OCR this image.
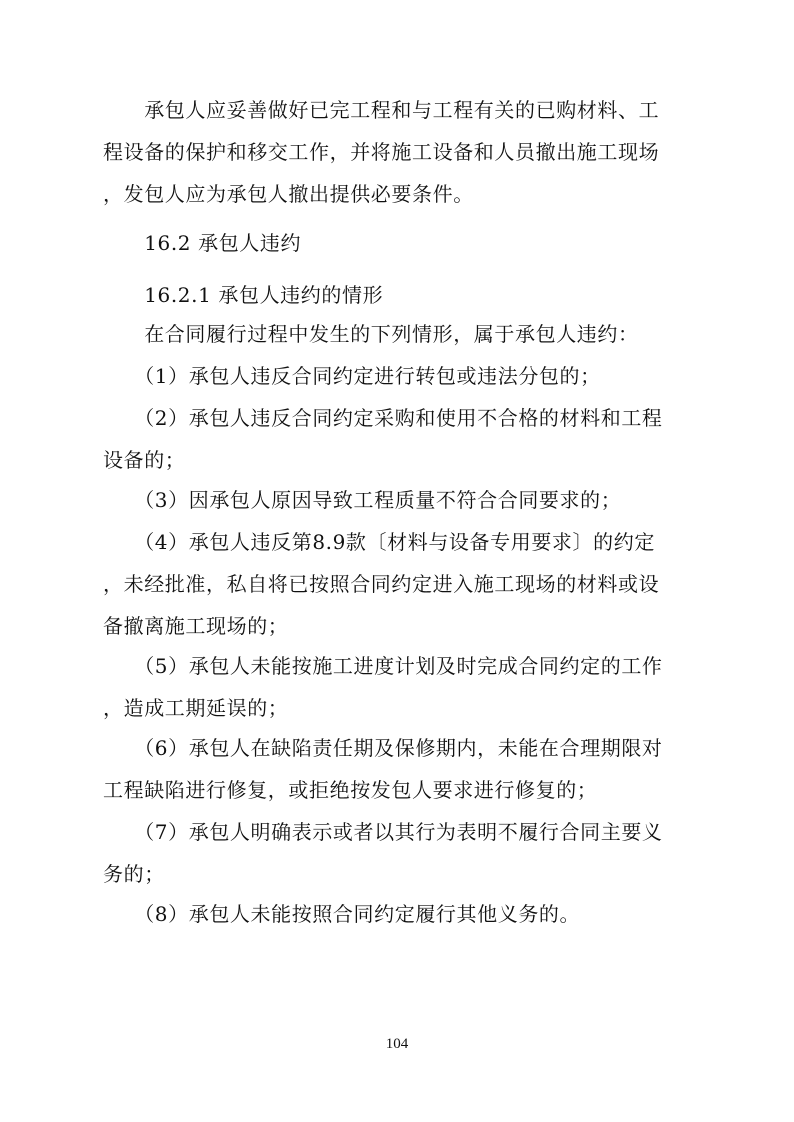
　　承包人应妥善做好已完工程和与工程有关的已购材料、工
程设备的保护和移交工作，并将施工设备和人员撤出施工现场
，发包人应为承包人撤出提供必要条件。
　　16.2 承包人违约
　　16.2.1 承包人违约的情形
　　在合同履行过程中发生的下列情形，属于承包人违约：
　　（1）承包人违反合同约定进行转包或违法分包的；
　　（2）承包人违反合同约定采购和使用不合格的材料和工程
设备的；
　　（3）因承包人原因导致工程质量不符合合同要求的；
　　（4）承包人违反第8.9款〔材料与设备专用要求〕的约定
，未经批准，私自将已按照合同约定进入施工现场的材料或设
备撤离施工现场的；
　　（5）承包人未能按施工进度计划及时完成合同约定的工作
，造成工期延误的；
　　（6）承包人在缺陷责任期及保修期内，未能在合理期限对
工程缺陷进行修复，或拒绝按发包人要求进行修复的；
　　（7）承包人明确表示或者以其行为表明不履行合同主要义
务的；
　　（8）承包人未能按照合同约定履行其他义务的。
104
